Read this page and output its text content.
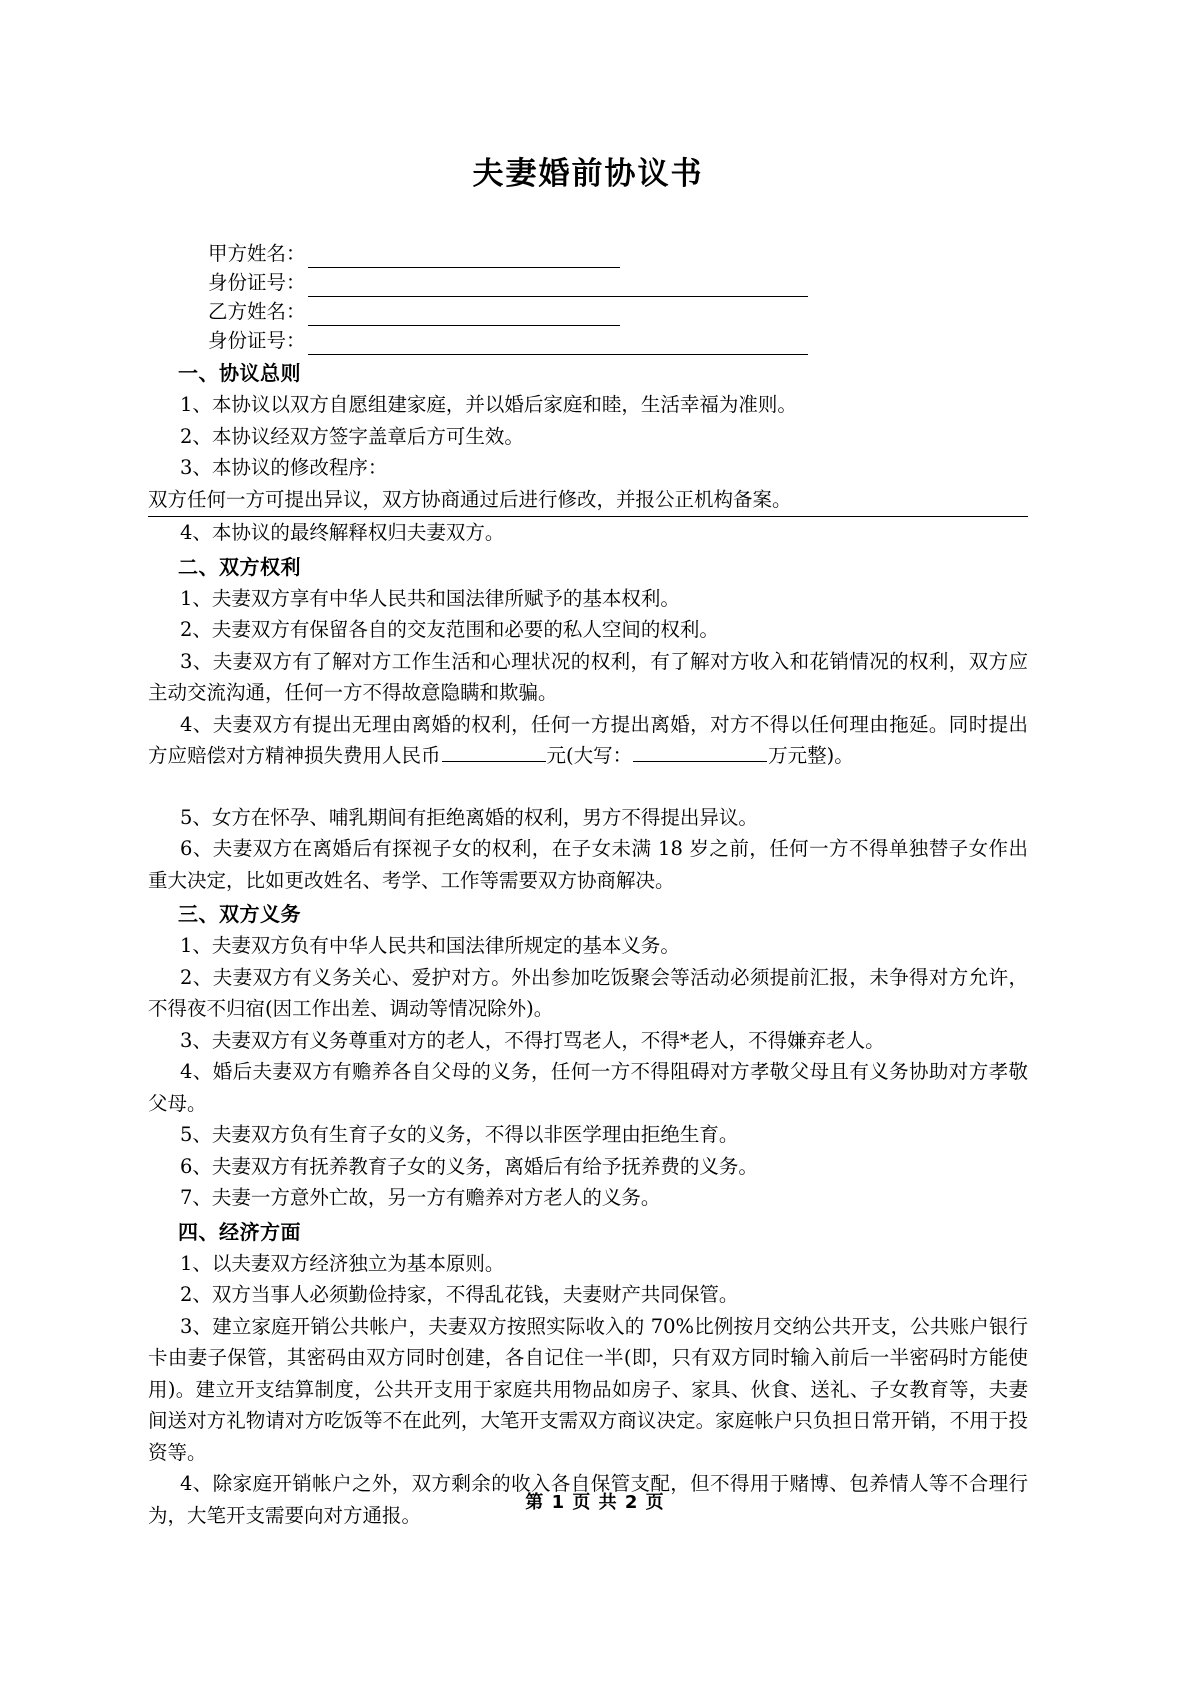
夫妻婚前协议书
甲方姓名：
身份证号：
乙方姓名：
身份证号：
一、协议总则

1、本协议以双方自愿组建家庭，并以婚后家庭和睦，生活幸福为准则。

2、本协议经双方签字盖章后方可生效。

3、本协议的修改程序：

双方任何一方可提出异议，双方协商通过后进行修改，并报公正机构备案。

4、本协议的最终解释权归夫妻双方。

二、双方权利

1、夫妻双方享有中华人民共和国法律所赋予的基本权利。

2、夫妻双方有保留各自的交友范围和必要的私人空间的权利。

3、夫妻双方有了解对方工作生活和心理状况的权利，有了解对方收入和花销情况的权利，双方应主动交流沟通，任何一方不得故意隐瞒和欺骗。

4、夫妻双方有提出无理由离婚的权利，任何一方提出离婚，对方不得以任何理由拖延。同时提出方应赔偿对方精神损失费用人民币	元(大写：	万元整)。

5、女方在怀孕、哺乳期间有拒绝离婚的权利，男方不得提出异议。

6、夫妻双方在离婚后有探视子女的权利，在子女未满 18 岁之前，任何一方不得单独替子女作出重大决定，比如更改姓名、考学、工作等需要双方协商解决。

三、双方义务

1、夫妻双方负有中华人民共和国法律所规定的基本义务。

2、夫妻双方有义务关心、爱护对方。外出参加吃饭聚会等活动必须提前汇报，未争得对方允许，不得夜不归宿(因工作出差、调动等情况除外)。

3、夫妻双方有义务尊重对方的老人，不得打骂老人，不得*老人，不得嫌弃老人。

4、婚后夫妻双方有赡养各自父母的义务，任何一方不得阻碍对方孝敬父母且有义务协助对方孝敬父母。

5、夫妻双方负有生育子女的义务，不得以非医学理由拒绝生育。

6、夫妻双方有抚养教育子女的义务，离婚后有给予抚养费的义务。

7、夫妻一方意外亡故，另一方有赡养对方老人的义务。

四、经济方面

1、以夫妻双方经济独立为基本原则。

2、双方当事人必须勤俭持家，不得乱花钱，夫妻财产共同保管。

3、建立家庭开销公共帐户，夫妻双方按照实际收入的 70%比例按月交纳公共开支，公共账户银行卡由妻子保管，其密码由双方同时创建，各自记住一半(即，只有双方同时输入前后一半密码时方能使用)。建立开支结算制度，公共开支用于家庭共用物品如房子、家具、伙食、送礼、子女教育等，夫妻间送对方礼物请对方吃饭等不在此列，大笔开支需双方商议决定。家庭帐户只负担日常开销，不用于投资等。

4、除家庭开销帐户之外，双方剩余的收入各自保管支配，但不得用于赌博、包养情人等不合理行为，大笔开支需要向对方通报。

第 1 页 共 2 页
